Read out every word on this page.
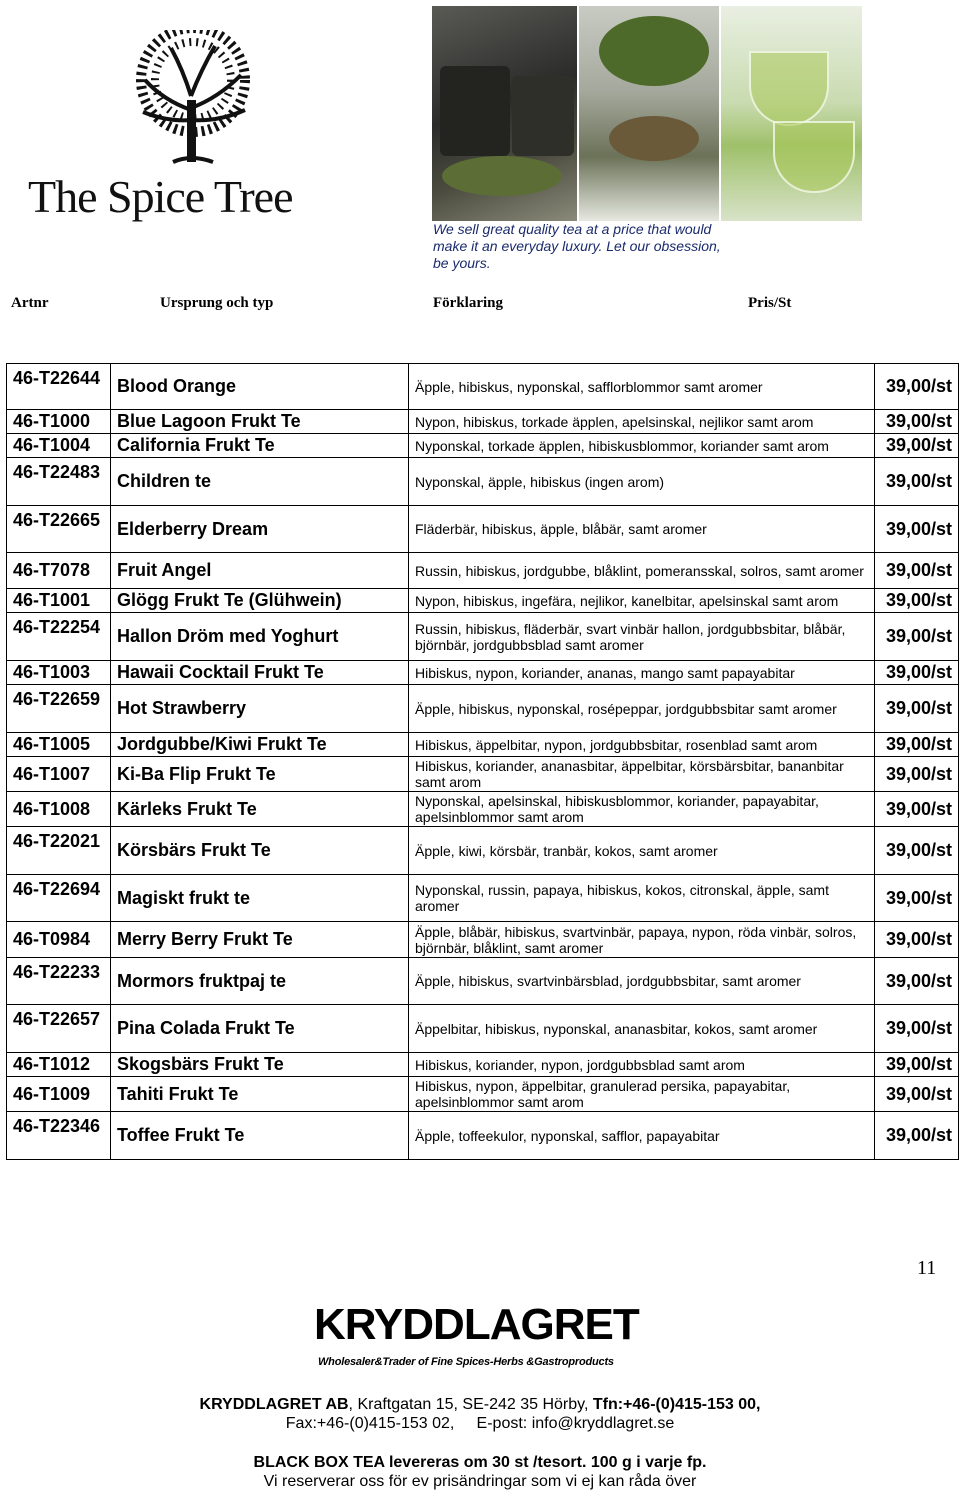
The Spice Tree
We sell great quality tea at a price that would make it an everyday luxury. Let our obsession, be yours.
Artnr	Ursprung och typ	Förklaring	Pris/St
46-T22644	Blood Orange	Äpple, hibiskus, nyponskal, safflorblommor samt aromer	39,00/st
46-T1000	Blue Lagoon Frukt Te	Nypon, hibiskus, torkade äpplen, apelsinskal, nejlikor samt arom	39,00/st
46-T1004	California Frukt Te	Nyponskal, torkade äpplen, hibiskusblommor, koriander samt arom	39,00/st
46-T22483	Children te	Nyponskal, äpple, hibiskus (ingen arom)	39,00/st
46-T22665	Elderberry Dream	Fläderbär, hibiskus, äpple, blåbär, samt aromer	39,00/st
46-T7078	Fruit Angel	Russin, hibiskus, jordgubbe, blåklint, pomeransskal, solros, samt aromer	39,00/st
46-T1001	Glögg Frukt Te (Glühwein)	Nypon, hibiskus, ingefära, nejlikor, kanelbitar, apelsinskal samt arom	39,00/st
46-T22254	Hallon Dröm med Yoghurt	Russin, hibiskus, fläderbär, svart vinbär hallon, jordgubbsbitar, blåbär, björnbär, jordgubbsblad samt aromer	39,00/st
46-T1003	Hawaii Cocktail Frukt Te	Hibiskus, nypon, koriander, ananas, mango samt papayabitar	39,00/st
46-T22659	Hot Strawberry	Äpple, hibiskus, nyponskal, rosépeppar, jordgubbsbitar samt aromer	39,00/st
46-T1005	Jordgubbe/Kiwi Frukt Te	Hibiskus, äppelbitar, nypon, jordgubbsbitar, rosenblad samt arom	39,00/st
46-T1007	Ki-Ba Flip Frukt Te	Hibiskus, koriander, ananasbitar, äppelbitar, körsbärsbitar, bananbitar samt arom	39,00/st
46-T1008	Kärleks Frukt Te	Nyponskal, apelsinskal, hibiskusblommor, koriander, papayabitar, apelsinblommor samt arom	39,00/st
46-T22021	Körsbärs Frukt Te	Äpple, kiwi, körsbär, tranbär, kokos, samt aromer	39,00/st
46-T22694	Magiskt frukt te	Nyponskal, russin, papaya, hibiskus, kokos, citronskal, äpple, samt aromer	39,00/st
46-T0984	Merry Berry Frukt Te	Äpple, blåbär, hibiskus, svartvinbär, papaya, nypon, röda vinbär, solros, björnbär, blåklint, samt aromer	39,00/st
46-T22233	Mormors fruktpaj te	Äpple, hibiskus, svartvinbärsblad, jordgubbsbitar, samt aromer	39,00/st
46-T22657	Pina Colada Frukt Te	Äppelbitar, hibiskus, nyponskal, ananasbitar, kokos, samt aromer	39,00/st
46-T1012	Skogsbärs Frukt Te	Hibiskus, koriander, nypon, jordgubbsblad samt arom	39,00/st
46-T1009	Tahiti Frukt Te	Hibiskus, nypon, äppelbitar, granulerad persika, papayabitar, apelsinblommor samt arom	39,00/st
46-T22346	Toffee Frukt Te	Äpple, toffeekulor, nyponskal, safflor, papayabitar	39,00/st
11
KRYDDLAGRET
Wholesaler&Trader of Fine Spices-Herbs &Gastroproducts
KRYDDLAGRET AB, Kraftgatan 15, SE-242 35 Hörby, Tfn:+46-(0)415-153 00,
Fax:+46-(0)415-153 02,     E-post: info@kryddlagret.se
BLACK BOX TEA levereras om 30 st /tesort. 100 g i varje fp.
Vi reserverar oss för ev prisändringar som vi ej kan råda över
